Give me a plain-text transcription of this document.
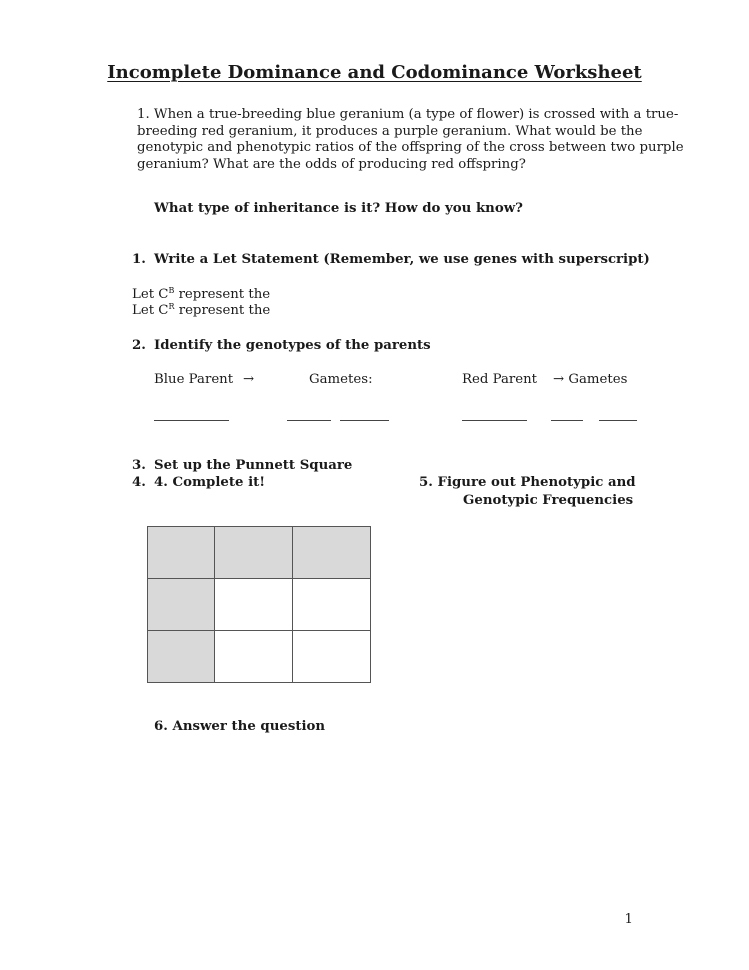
Incomplete Dominance and Codominance Worksheet
1. When a true-breeding blue geranium (a type of flower) is crossed with a true-
breeding red geranium, it produces a purple geranium. What would be the
genotypic and phenotypic ratios of the offspring of the cross between two purple
geranium? What are the odds of producing red offspring?
What type of inheritance is it? How do you know?
1. Write a Let Statement (Remember, we use genes with superscript)
Let $C^B$ represent the
Let $C^R$ represent the
2. Identify the genotypes of the parents
Blue Parent →	Gametes:	Red Parent → Gametes
3. Set up the Punnett Square
4. 4. Complete it!	5. Figure out Phenotypic and
Genotypic Frequencies

6. Answer the question
1
